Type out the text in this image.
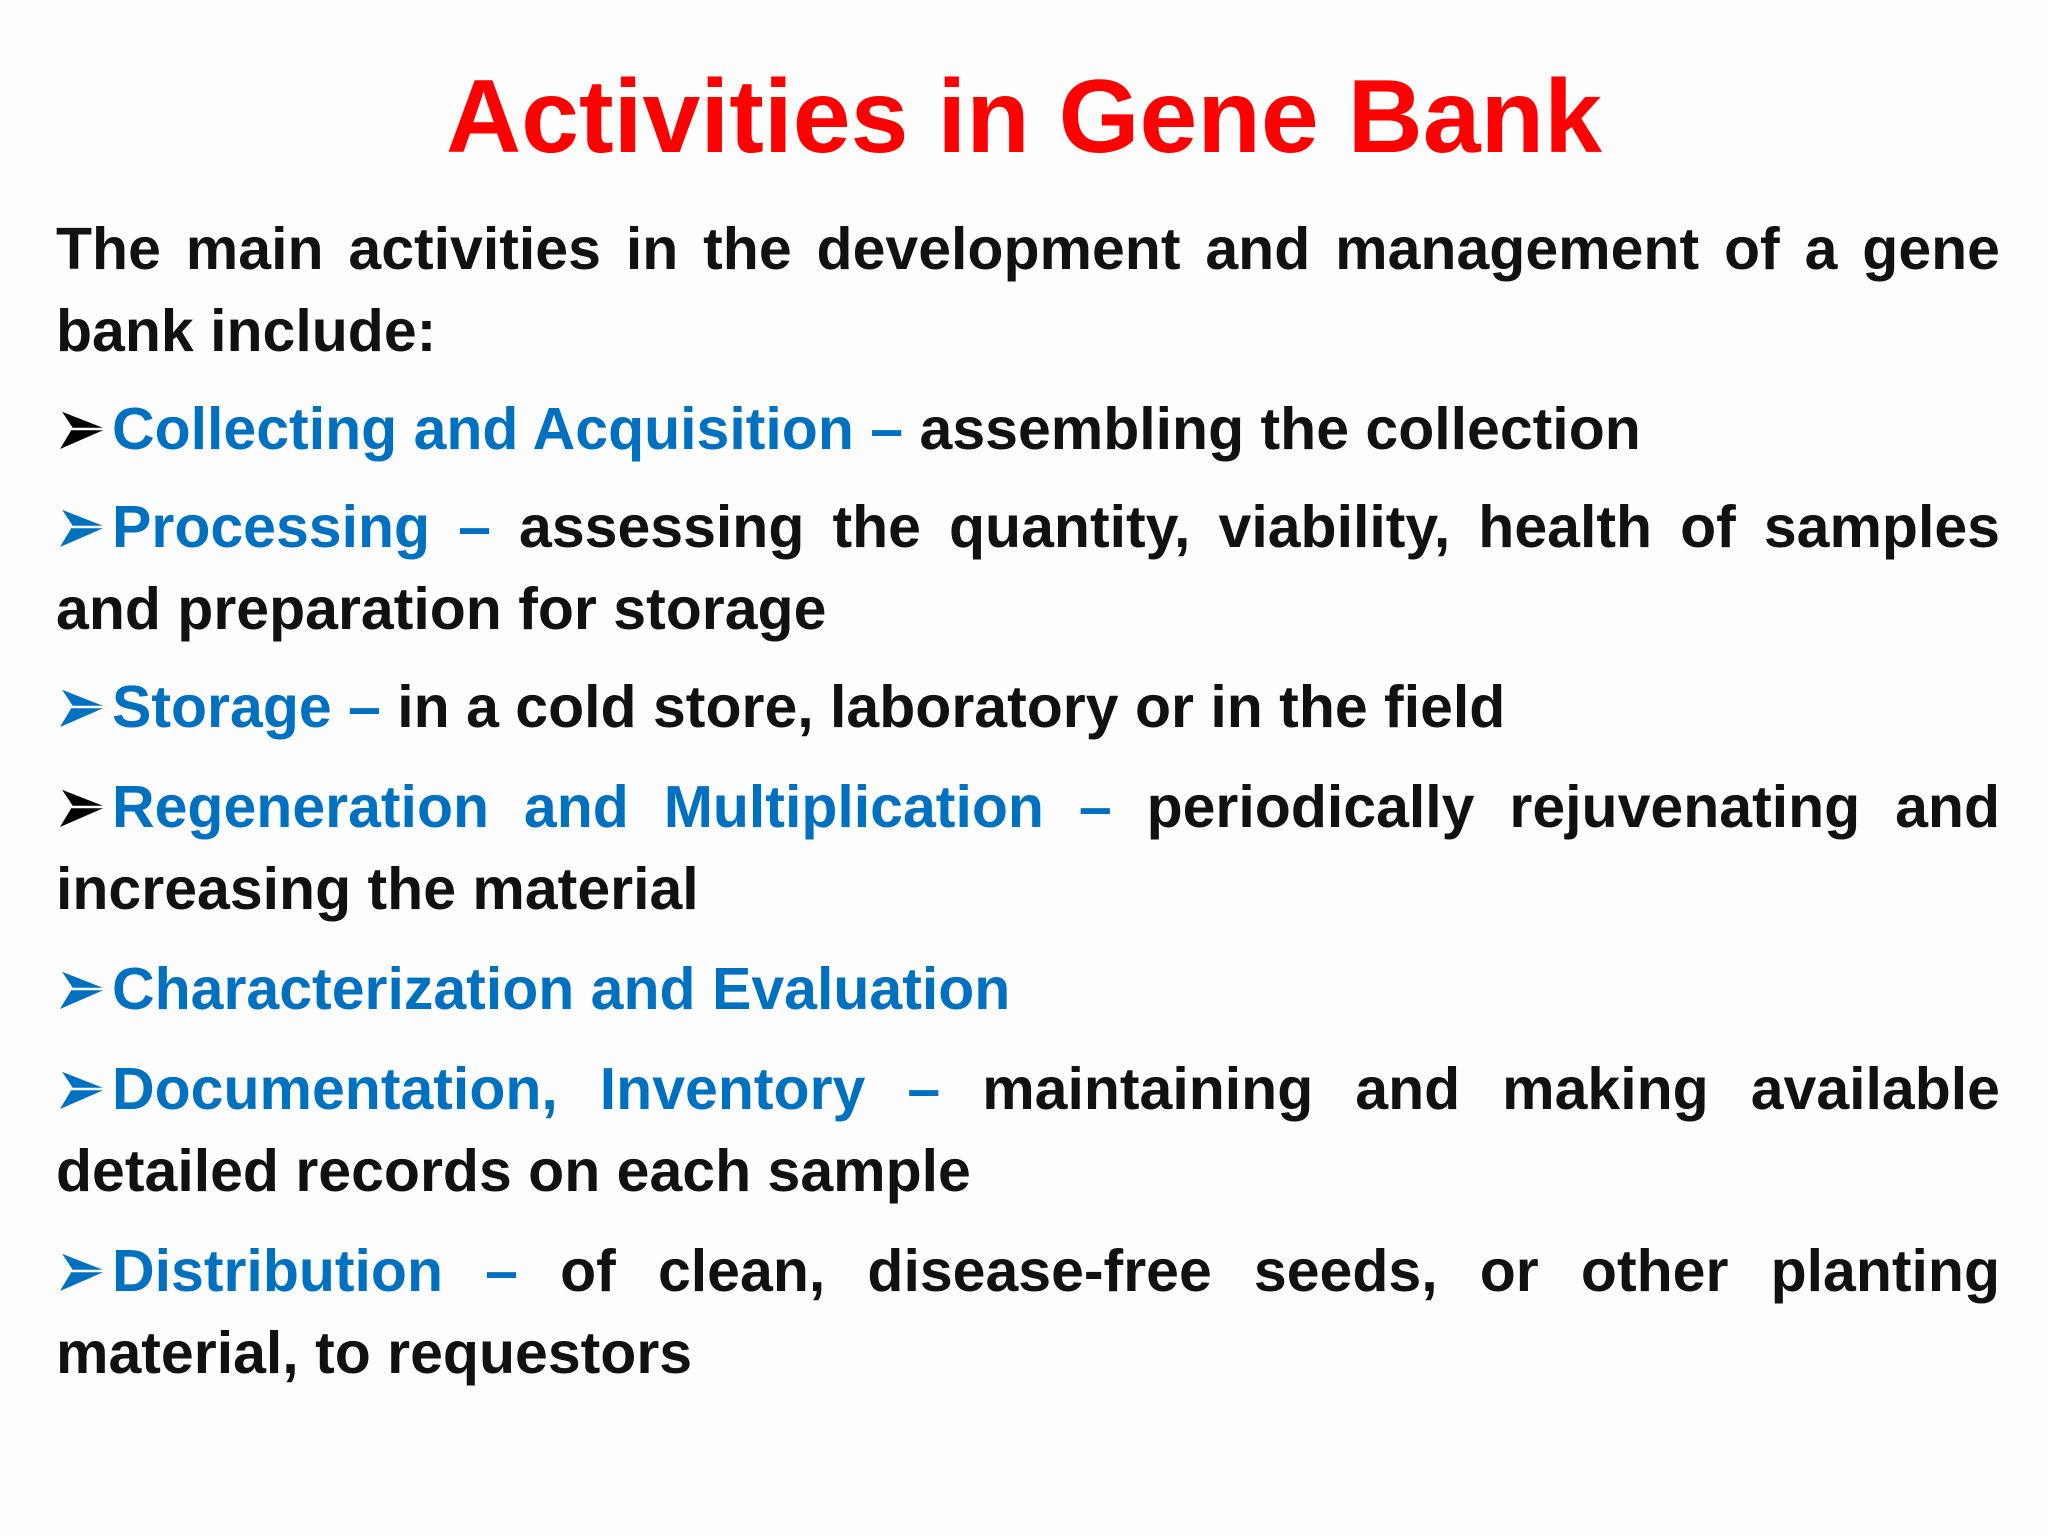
Activities in Gene Bank
The main activities in the development and management of a gene bank include:
Collecting and Acquisition – assembling the collection
Processing – assessing the quantity, viability, health of samples and preparation for storage
Storage – in a cold store, laboratory or in the field
Regeneration and Multiplication – periodically rejuvenating and increasing the material
Characterization and Evaluation
Documentation, Inventory – maintaining and making available detailed records on each sample
Distribution – of clean, disease-free seeds, or other planting material, to requestors
